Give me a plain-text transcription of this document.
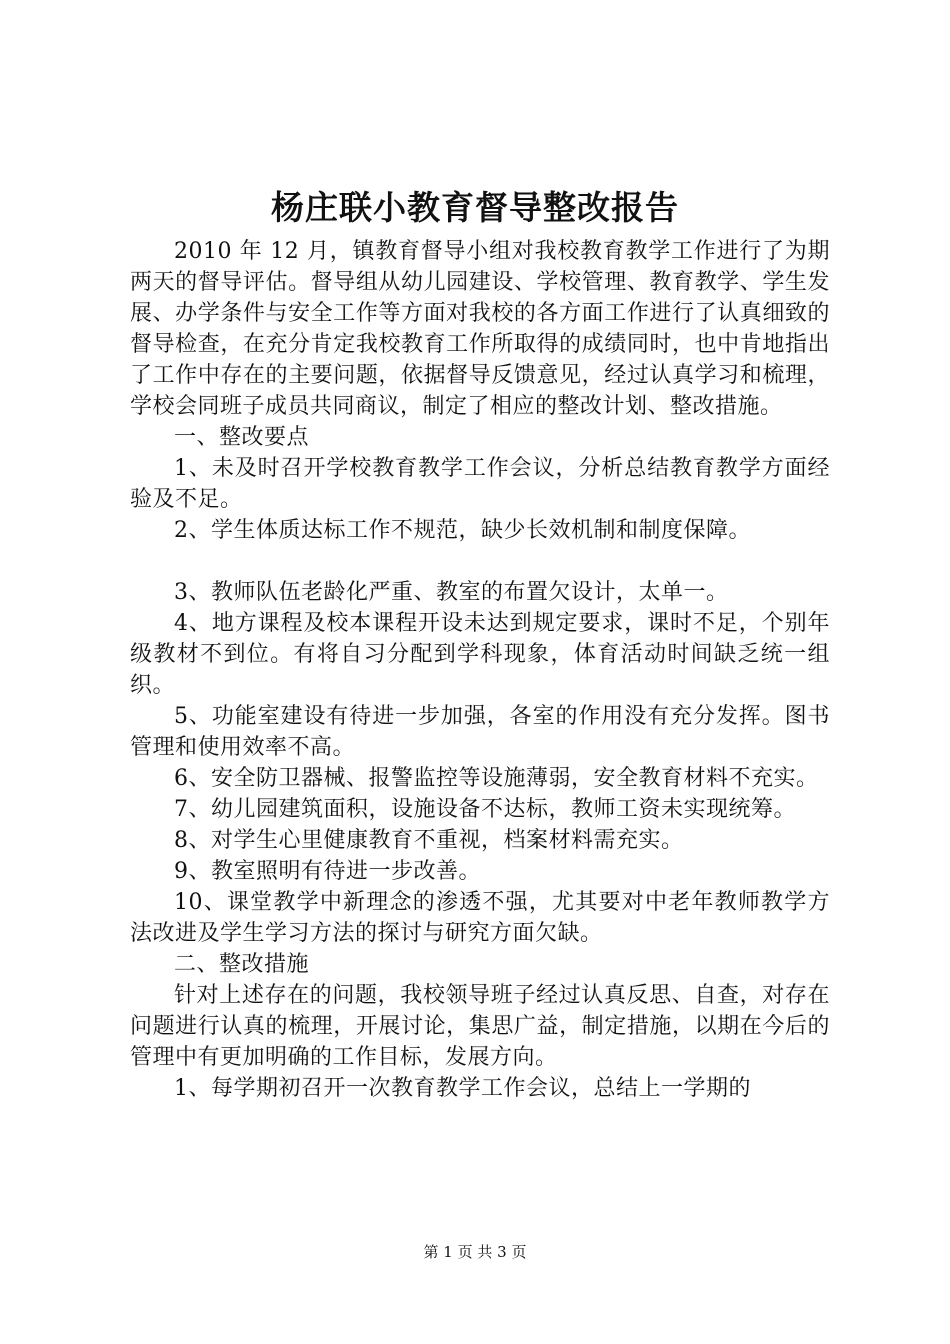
杨庄联小教育督导整改报告

2010 年 12 月，镇教育督导小组对我校教育教学工作进行了为期两天的督导评估。督导组从幼儿园建设、学校管理、教育教学、学生发展、办学条件与安全工作等方面对我校的各方面工作进行了认真细致的督导检查，在充分肯定我校教育工作所取得的成绩同时，也中肯地指出了工作中存在的主要问题，依据督导反馈意见，经过认真学习和梳理，学校会同班子成员共同商议，制定了相应的整改计划、整改措施。

一、整改要点

1、未及时召开学校教育教学工作会议，分析总结教育教学方面经验及不足。

2、学生体质达标工作不规范，缺少长效机制和制度保障。

3、教师队伍老龄化严重、教室的布置欠设计，太单一。

4、地方课程及校本课程开设未达到规定要求，课时不足，个别年级教材不到位。有将自习分配到学科现象，体育活动时间缺乏统一组织。

5、功能室建设有待进一步加强，各室的作用没有充分发挥。图书管理和使用效率不高。

6、安全防卫器械、报警监控等设施薄弱，安全教育材料不充实。

7、幼儿园建筑面积，设施设备不达标，教师工资未实现统筹。

8、对学生心里健康教育不重视，档案材料需充实。

9、教室照明有待进一步改善。

10、课堂教学中新理念的渗透不强，尤其要对中老年教师教学方法改进及学生学习方法的探讨与研究方面欠缺。

二、整改措施

针对上述存在的问题，我校领导班子经过认真反思、自查，对存在问题进行认真的梳理，开展讨论，集思广益，制定措施，以期在今后的管理中有更加明确的工作目标，发展方向。

1、每学期初召开一次教育教学工作会议，总结上一学期的

第 1 页 共 3 页
